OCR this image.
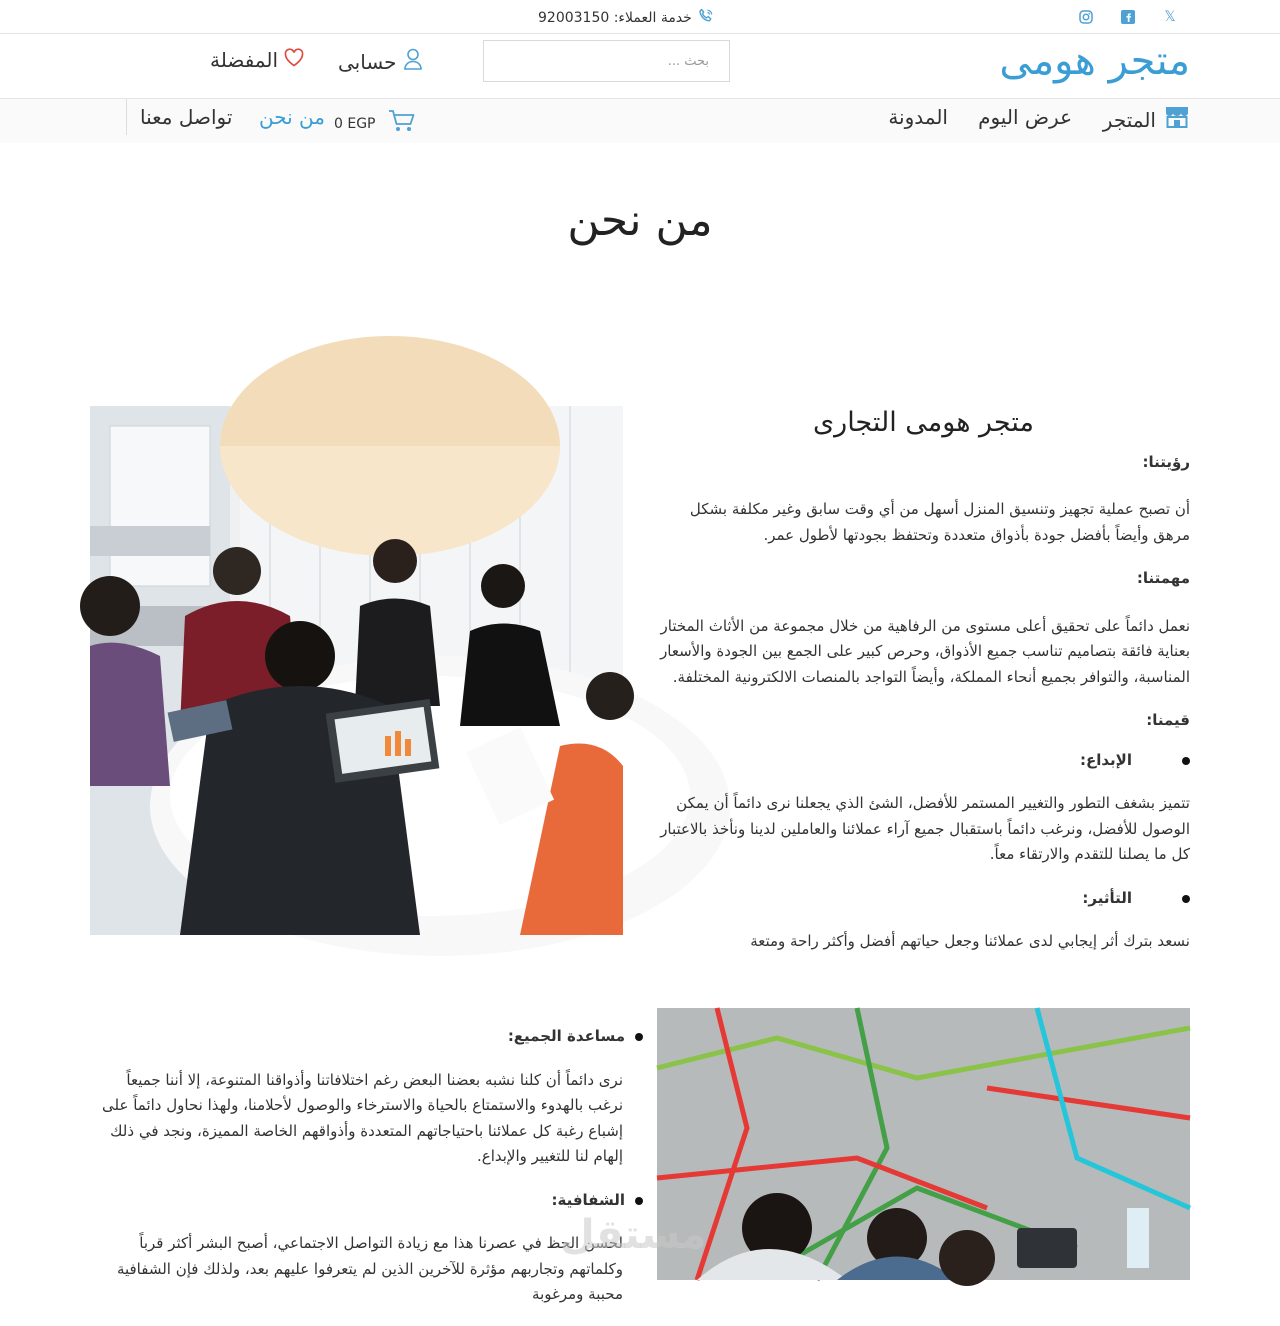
𝕏
خدمة العملاء: 92003150
متجر هومى
بحث ...
حسابى
المفضلة
المتجر
عرض اليوم
المدونة
0 EGP
من نحن
تواصل معنا
من نحن
متجر هومى التجارى
رؤيتنا:

أن تصبح عملية تجهيز وتنسيق المنزل أسهل من أي وقت سابق وغير مكلفة بشكل مرهق وأيضاً بأفضل جودة بأذواق متعددة وتحتفظ بجودتها لأطول عمر.

مهمتنا:

نعمل دائماً على تحقيق أعلى مستوى من الرفاهية من خلال مجموعة من الأثاث المختار بعناية فائقة بتصاميم تناسب جميع الأذواق، وحرص كبير على الجمع بين الجودة والأسعار المناسبة، والتوافر بجميع أنحاء المملكة، وأيضاً التواجد بالمنصات الالكترونية المختلفة.

قيمنا:
الإبداع:

تتميز بشغف التطور والتغيير المستمر للأفضل، الشئ الذي يجعلنا نرى دائماً أن يمكن الوصول للأفضل، ونرغب دائماً باستقبال جميع آراء عملائنا والعاملين لدينا ونأخذ بالاعتبار كل ما يصلنا للتقدم والارتقاء معاً.

التأثير:

نسعد بترك أثر إيجابي لدى عملائنا وجعل حياتهم أفضل وأكثر راحة ومتعة

مساعدة الجميع:

نرى دائماً أن كلنا نشبه بعضنا البعض رغم اختلافاتنا وأذواقنا المتنوعة، إلا أننا جميعاً نرغب بالهدوء والاستمتاع بالحياة والاسترخاء والوصول لأحلامنا، ولهذا نحاول دائماً على إشباع رغبة كل عملائنا باحتياجاتهم المتعددة وأذواقهم الخاصة المميزة، ونجد في ذلك إلهام لنا للتغيير والإبداع.

الشفافية:

لحسن الحظ في عصرنا هذا مع زيادة التواصل الاجتماعي، أصبح البشر أكثر قرباً وكلماتهم وتجاربهم مؤثرة للآخرين الذين لم يتعرفوا عليهم بعد، ولذلك فإن الشفافية محببة ومرغوبة

مستقل
